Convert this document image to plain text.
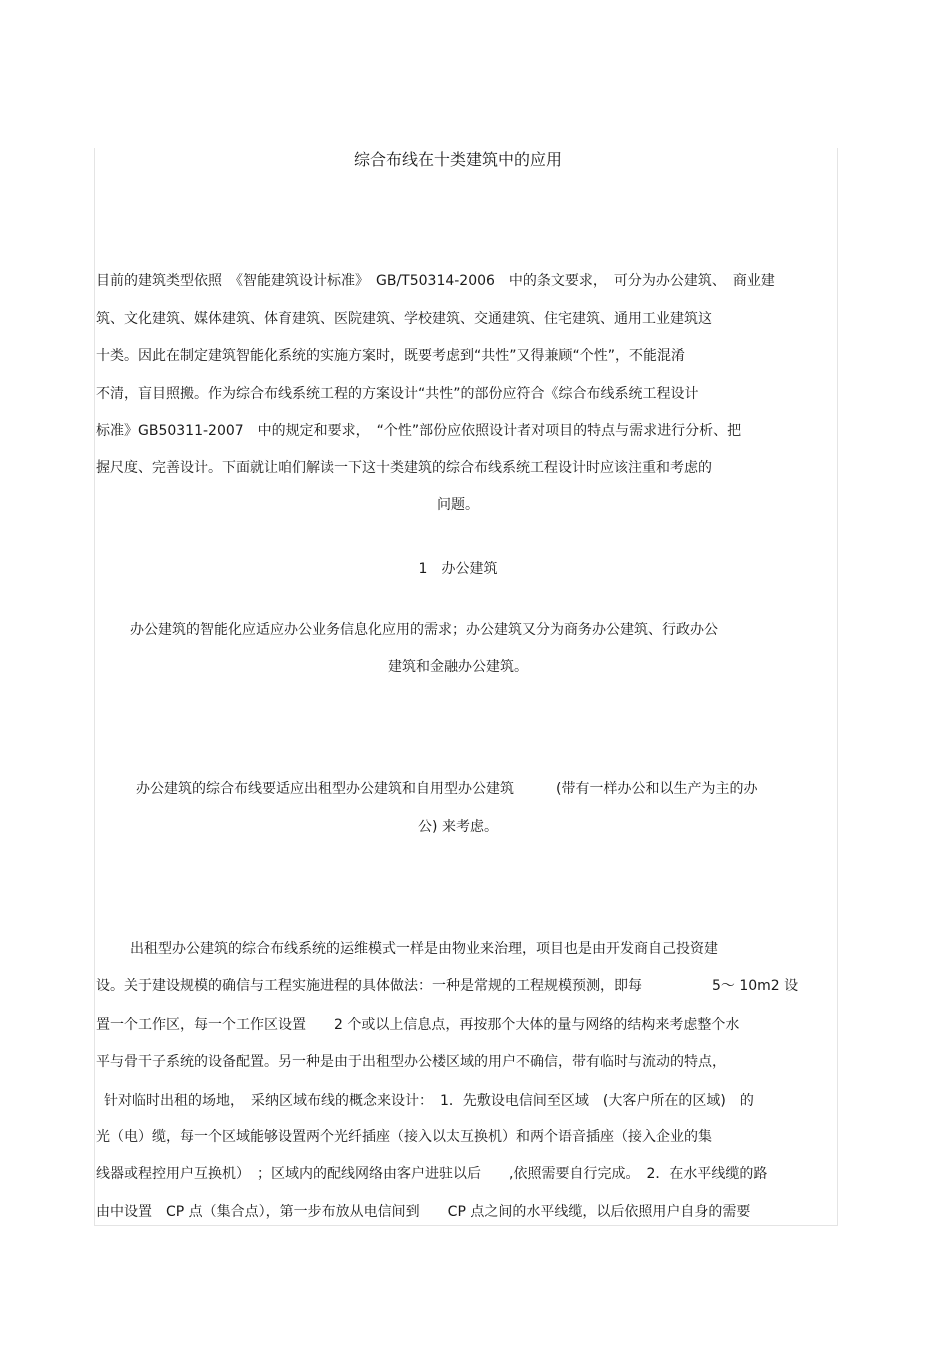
综合布线在十类建筑中的应用
目前的建筑类型依照　《智能建筑设计标准》　GB/T50314-2006　中的条文要求，　可分为办公建筑、　商业建
筑、文化建筑、媒体建筑、体育建筑、医院建筑、学校建筑、交通建筑、住宅建筑、通用工业建筑这
十类。因此在制定建筑智能化系统的实施方案时，既要考虑到“共性”又得兼顾“个性”，不能混淆
不清，盲目照搬。作为综合布线系统工程的方案设计“共性”的部份应符合《综合布线系统工程设计
标准》GB50311-2007　中的规定和要求，　“个性”部份应依照设计者对项目的特点与需求进行分析、把
握尺度、完善设计。下面就让咱们解读一下这十类建筑的综合布线系统工程设计时应该注重和考虑的
问题。
1　办公建筑
办公建筑的智能化应适应办公业务信息化应用的需求；办公建筑又分为商务办公建筑、行政办公
建筑和金融办公建筑。
办公建筑的综合布线要适应出租型办公建筑和自用型办公建筑　　　(带有一样办公和以生产为主的办
公) 来考虑。
出租型办公建筑的综合布线系统的运维模式一样是由物业来治理，项目也是由开发商自己投资建
设。关于建设规模的确信与工程实施进程的具体做法：一种是常规的工程规模预测，即每　　　　　5～ 10m2 设
置一个工作区，每一个工作区设置　　2 个或以上信息点，再按那个大体的量与网络的结构来考虑整个水
平与骨干子系统的设备配置。另一种是由于出租型办公楼区域的用户不确信，带有临时与流动的特点，
针对临时出租的场地，　采纳区域布线的概念来设计：　1．先敷设电信间至区域　(大客户所在的区域)　的
光（电）缆，每一个区域能够设置两个光纤插座（接入以太互换机）和两个语音插座（接入企业的集
线器或程控用户互换机）　；区域内的配线网络由客户进驻以后　　,依照需要自行完成。　2．在水平线缆的路
由中设置　CP 点（集合点），第一步布放从电信间到　　CP 点之间的水平线缆，以后依照用户自身的需要
